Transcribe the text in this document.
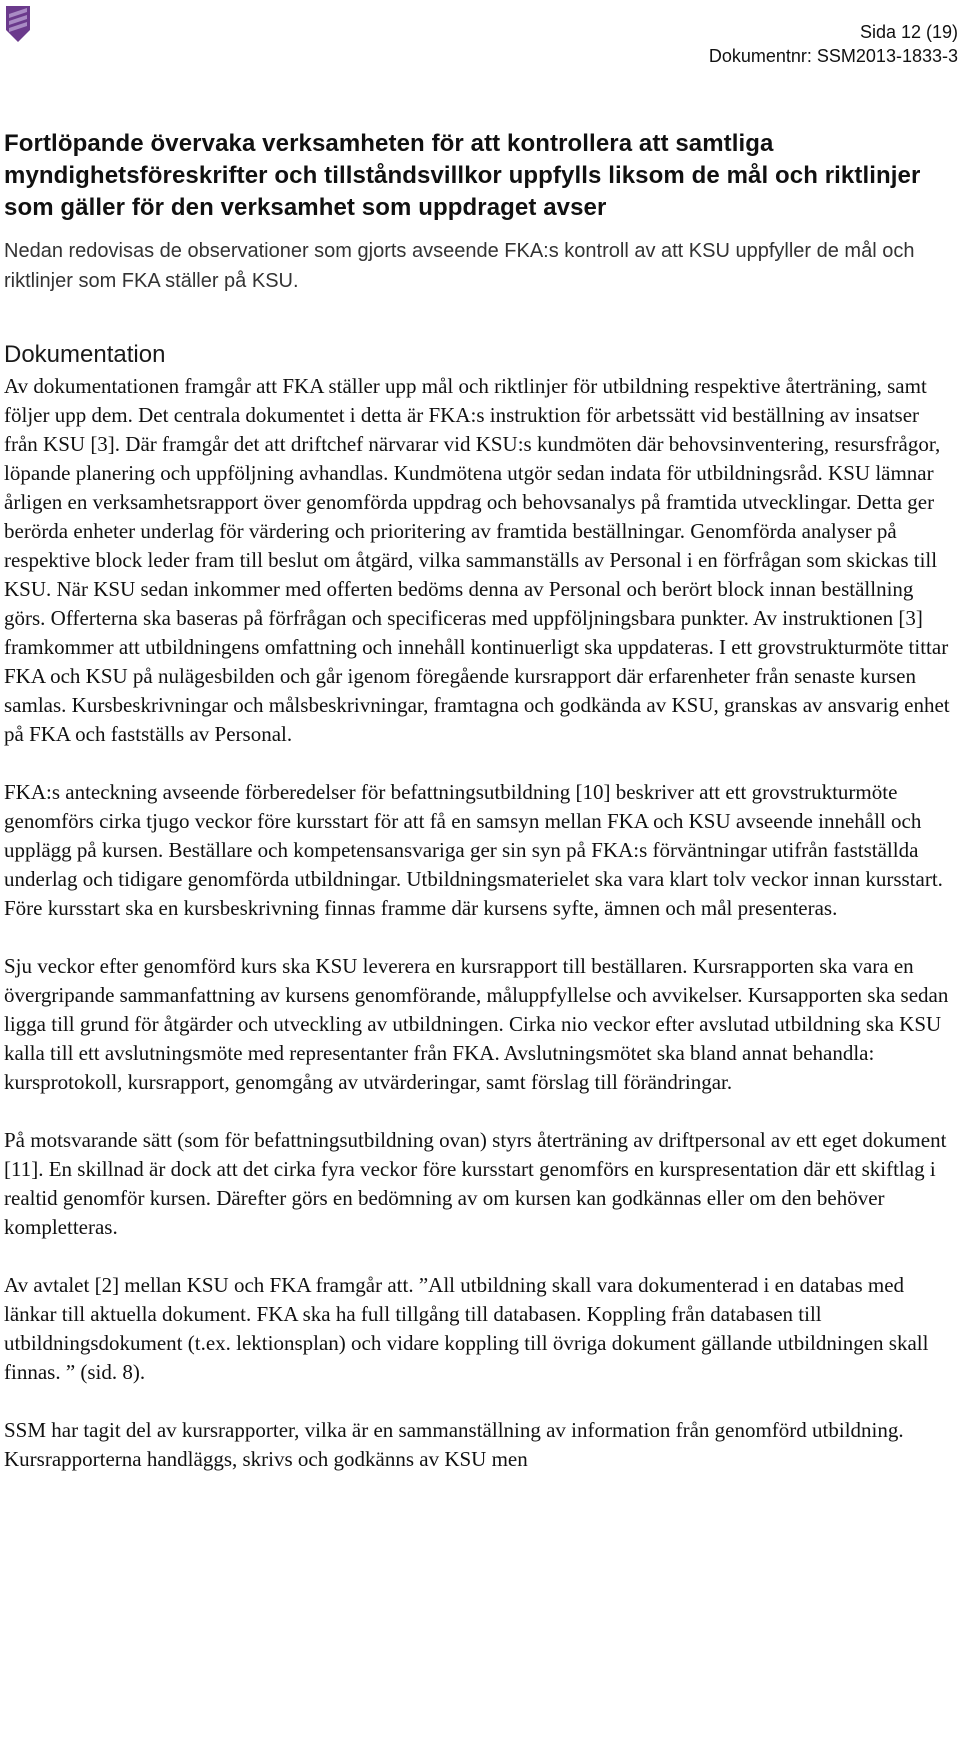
Sida 12 (19)
Dokumentnr: SSM2013-1833-3
Fortlöpande övervaka verksamheten för att kontrollera att samtliga myndighetsföreskrifter och tillståndsvillkor uppfylls liksom de mål och riktlinjer som gäller för den verksamhet som uppdraget avser

Nedan redovisas de observationer som gjorts avseende FKA:s kontroll av att KSU uppfyller de mål och riktlinjer som FKA ställer på KSU.

Dokumentation

Av dokumentationen framgår att FKA ställer upp mål och riktlinjer för utbildning respektive återträning, samt följer upp dem. Det centrala dokumentet i detta är FKA:s instruktion för arbetssätt vid beställning av insatser från KSU [3]. Där framgår det att driftchef närvarar vid KSU:s kundmöten där behovsinventering, resursfrågor, löpande planering och uppföljning avhandlas. Kundmötena utgör sedan indata för utbildningsråd. KSU lämnar årligen en verksamhetsrapport över genomförda uppdrag och behovsanalys på framtida utvecklingar. Detta ger berörda enheter underlag för värdering och prioritering av framtida beställningar. Genomförda analyser på respektive block leder fram till beslut om åtgärd, vilka sammanställs av Personal i en förfrågan som skickas till KSU. När KSU sedan inkommer med offerten bedöms denna av Personal och berört block innan beställning görs. Offerterna ska baseras på förfrågan och specificeras med uppföljningsbara punkter. Av instruktionen [3] framkommer att utbildningens omfattning och innehåll kontinuerligt ska uppdateras. I ett grovstrukturmöte tittar FKA och KSU på nulägesbilden och går igenom föregående kursrapport där erfarenheter från senaste kursen samlas. Kursbeskrivningar och målsbeskrivningar, framtagna och godkända av KSU, granskas av ansvarig enhet på FKA och fastställs av Personal.

FKA:s anteckning avseende förberedelser för befattningsutbildning [10] beskriver att ett grovstrukturmöte genomförs cirka tjugo veckor före kursstart för att få en samsyn mellan FKA och KSU avseende innehåll och upplägg på kursen. Beställare och kompetensansvariga ger sin syn på FKA:s förväntningar utifrån fastställda underlag och tidigare genomförda utbildningar. Utbildningsmaterielet ska vara klart tolv veckor innan kursstart. Före kursstart ska en kursbeskrivning finnas framme där kursens syfte, ämnen och mål presenteras.

Sju veckor efter genomförd kurs ska KSU leverera en kursrapport till beställaren. Kursrapporten ska vara en övergripande sammanfattning av kursens genomförande, måluppfyllelse och avvikelser. Kursapporten ska sedan ligga till grund för åtgärder och utveckling av utbildningen. Cirka nio veckor efter avslutad utbildning ska KSU kalla till ett avslutningsmöte med representanter från FKA. Avslutningsmötet ska bland annat behandla: kursprotokoll, kursrapport, genomgång av utvärderingar, samt förslag till förändringar.

På motsvarande sätt (som för befattningsutbildning ovan) styrs återträning av driftpersonal av ett eget dokument [11]. En skillnad är dock att det cirka fyra veckor före kursstart genomförs en kurspresentation där ett skiftlag i realtid genomför kursen. Därefter görs en bedömning av om kursen kan godkännas eller om den behöver kompletteras.

Av avtalet [2] mellan KSU och FKA framgår att. ”All utbildning skall vara dokumenterad i en databas med länkar till aktuella dokument. FKA ska ha full tillgång till databasen. Koppling från databasen till utbildningsdokument (t.ex. lektionsplan) och vidare koppling till övriga dokument gällande utbildningen skall finnas. ” (sid. 8).

SSM har tagit del av kursrapporter, vilka är en sammanställning av information från genomförd utbildning. Kursrapporterna handläggs, skrivs och godkänns av KSU men
